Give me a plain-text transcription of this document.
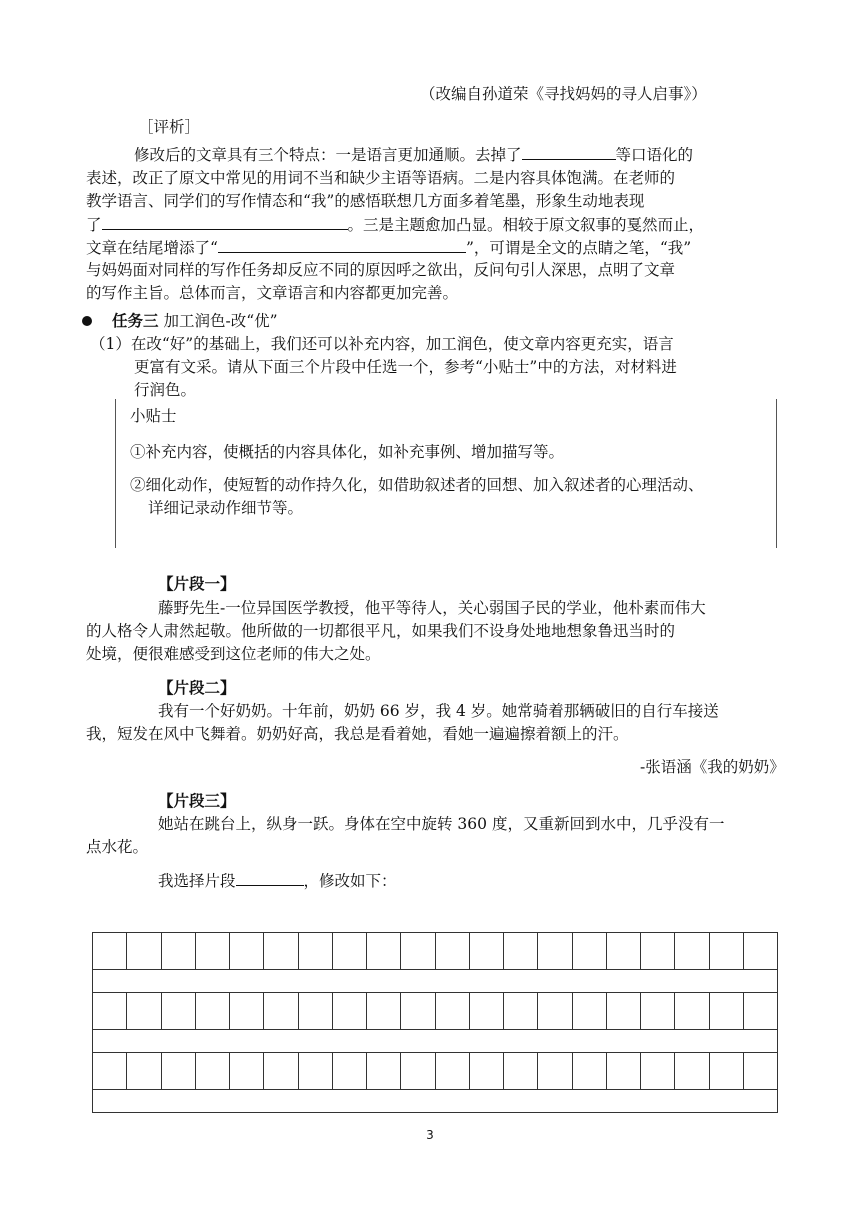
（改编自孙道荣《寻找妈妈的寻人启事》）
［评析］
修改后的文章具有三个特点：一是语言更加通顺。去掉了	等口语化的
表述，改正了原文中常见的用词不当和缺少主语等语病。二是内容具体饱满。在老师的
教学语言、同学们的写作情态和“我”的感悟联想几方面多着笔墨，形象生动地表现
了	。三是主题愈加凸显。相较于原文叙事的戛然而止，
文章在结尾增添了“	”，可谓是全文的点睛之笔，“我”
与妈妈面对同样的写作任务却反应不同的原因呼之欲出，反问句引人深思，点明了文章
的写作主旨。总体而言，文章语言和内容都更加完善。
任务三 加工润色-改“优”
（1）在改“好”的基础上，我们还可以补充内容，加工润色，使文章内容更充实，语言
更富有文采。请从下面三个片段中任选一个，参考“小贴士”中的方法，对材料进
行润色。
小贴士
①补充内容，使概括的内容具体化，如补充事例、增加描写等。
②细化动作，使短暂的动作持久化，如借助叙述者的回想、加入叙述者的心理活动、
详细记录动作细节等。
【片段一】
藤野先生-一位异国医学教授，他平等待人，关心弱国子民的学业，他朴素而伟大
的人格令人肃然起敬。他所做的一切都很平凡，如果我们不设身处地地想象鲁迅当时的
处境，便很难感受到这位老师的伟大之处。
【片段二】
我有一个好奶奶。十年前，奶奶 66 岁，我 4 岁。她常骑着那辆破旧的自行车接送
我，短发在风中飞舞着。奶奶好高，我总是看着她，看她一遍遍擦着额上的汗。
-张语涵《我的奶奶》
【片段三】
她站在跳台上，纵身一跃。身体在空中旋转 360 度，又重新回到水中，几乎没有一
点水花。
我选择片段	，修改如下：
3
